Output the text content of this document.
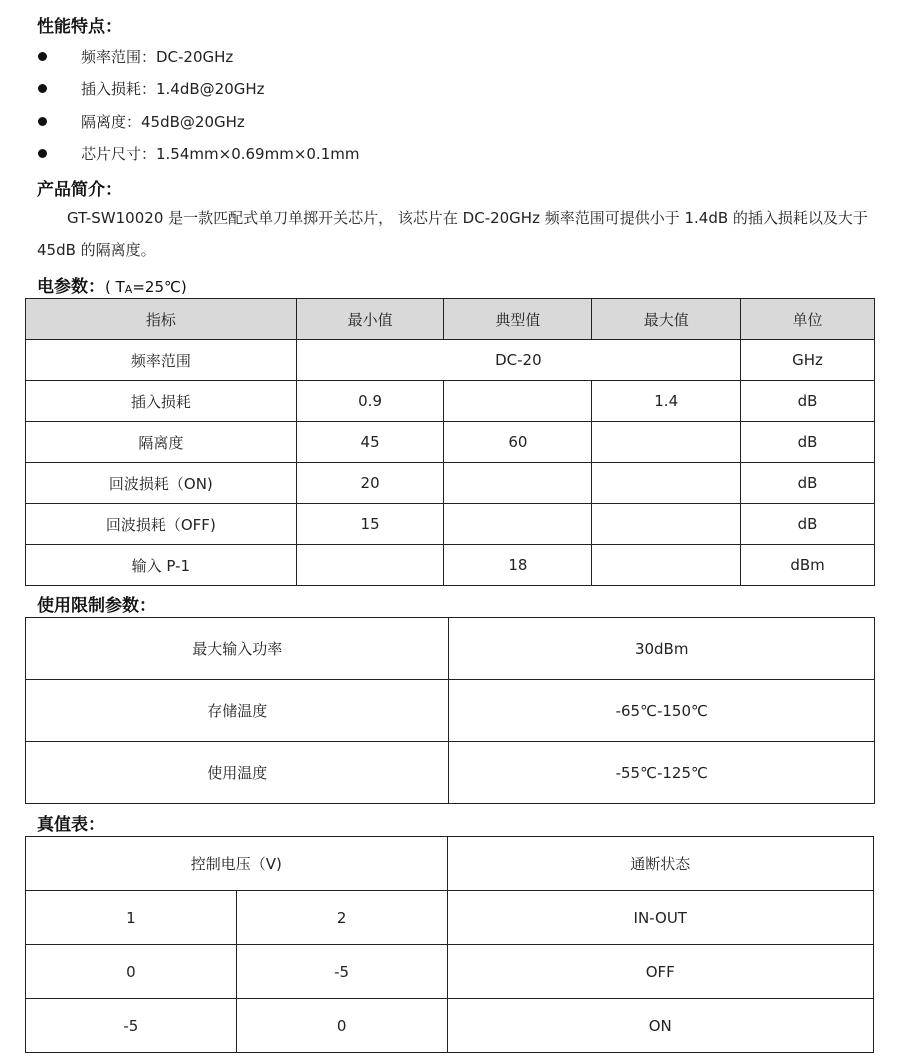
性能特点：
频率范围：DC-20GHz
插入损耗：1.4dB@20GHz
隔离度：45dB@20GHz
芯片尺寸：1.54mm×0.69mm×0.1mm
产品简介：
GT-SW10020 是一款匹配式单刀单掷开关芯片， 该芯片在 DC-20GHz 频率范围可提供小于 1.4dB 的插入损耗以及大于 45dB 的隔离度。
电参数：( $T_A=25℃$)
指标	最小值	典型值	最大值	单位
频率范围	DC-20			GHz
插入损耗	0.9		1.4	dB
隔离度	45	60		dB
回波损耗（ON)	20			dB
回波损耗（OFF)	15			dB
输入 P-1		18		dBm
使用限制参数：
最大输入功率	30dBm
存储温度	-65℃-150℃
使用温度	-55℃-125℃
真值表：
控制电压（V)		通断状态
1	2	IN-OUT
0	-5	OFF
-5	0	ON
